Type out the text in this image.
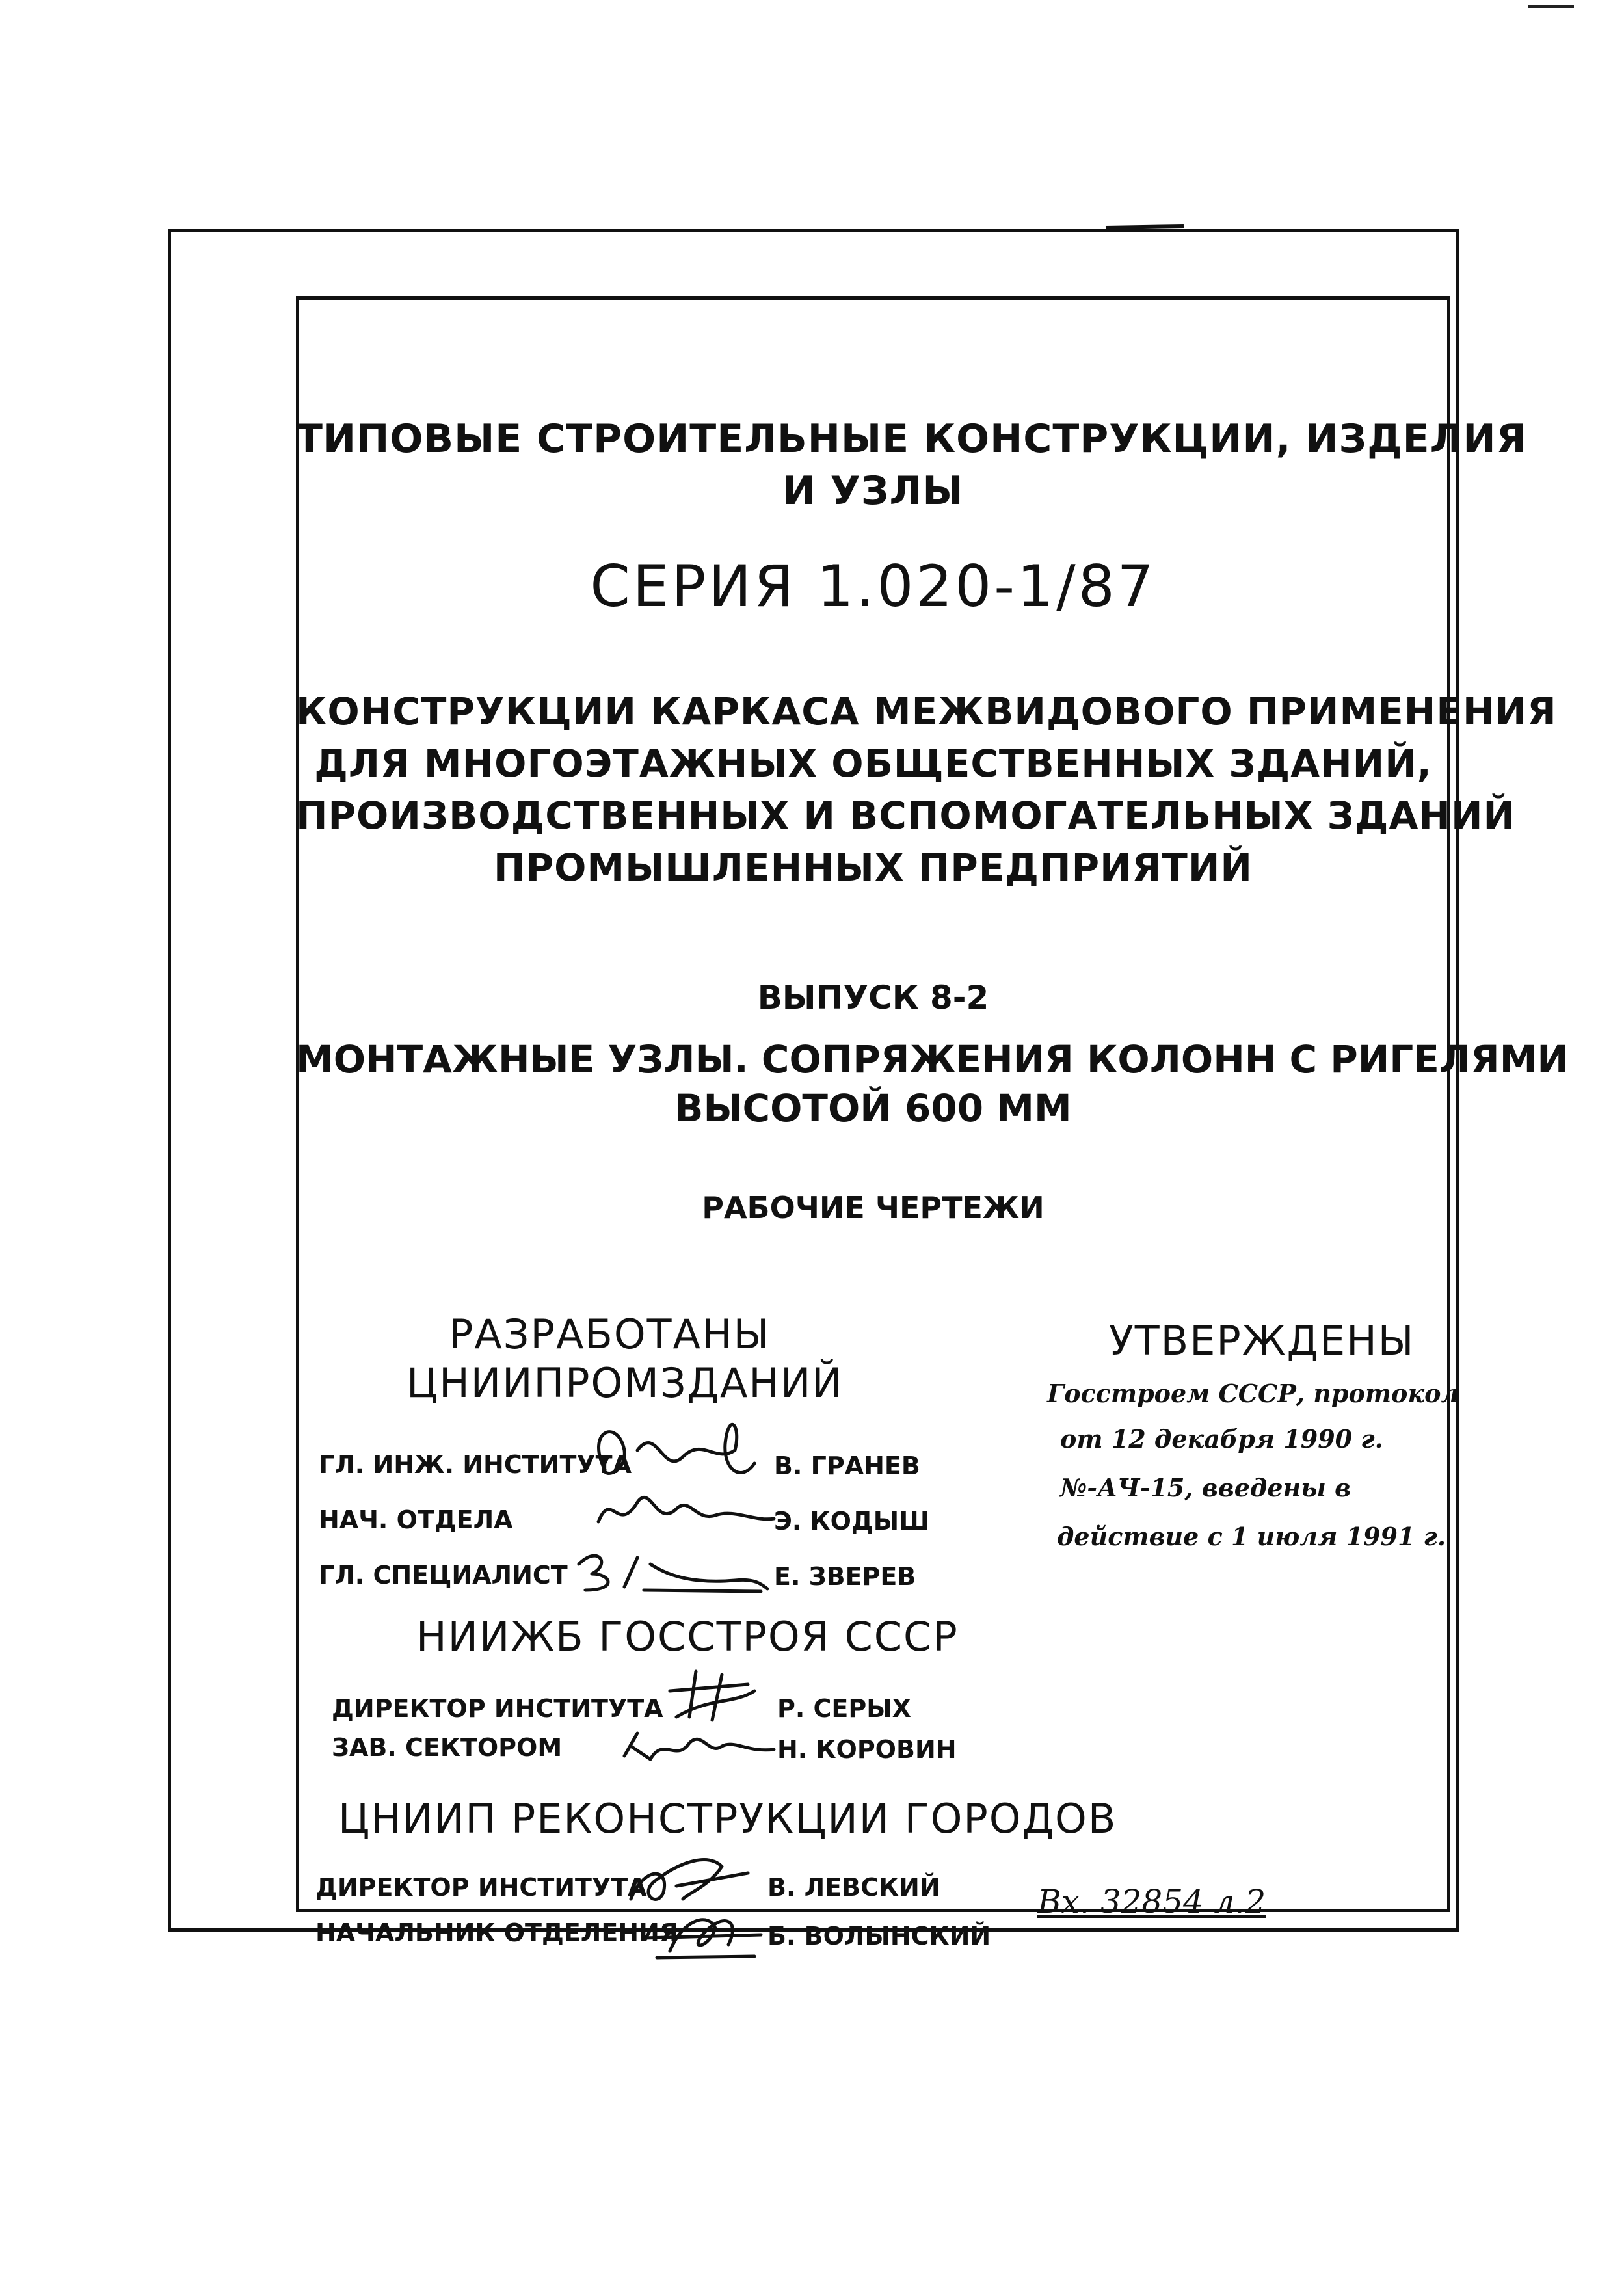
ТИПОВЫЕ СТРОИТЕЛЬНЫЕ КОНСТРУКЦИИ, ИЗДЕЛИЯ
И УЗЛЫ
СЕРИЯ 1.020-1/87
КОНСТРУКЦИИ КАРКАСА МЕЖВИДОВОГО ПРИМЕНЕНИЯ
ДЛЯ МНОГОЭТАЖНЫХ ОБЩЕСТВЕННЫХ ЗДАНИЙ,
ПРОИЗВОДСТВЕННЫХ И ВСПОМОГАТЕЛЬНЫХ ЗДАНИЙ
ПРОМЫШЛЕННЫХ ПРЕДПРИЯТИЙ
ВЫПУСК 8-2
МОНТАЖНЫЕ УЗЛЫ. СОПРЯЖЕНИЯ КОЛОНН С РИГЕЛЯМИ
ВЫСОТОЙ 600 ММ
РАБОЧИЕ ЧЕРТЕЖИ
РАЗРАБОТАНЫ
ЦНИИПРОМЗДАНИЙ
ГЛ. ИНЖ. ИНСТИТУТА	В. ГРАНЕВ
НАЧ. ОТДЕЛА	Э. КОДЫШ
ГЛ. СПЕЦИАЛИСТ	Е. ЗВЕРЕВ
НИИЖБ ГОССТРОЯ СССР
ДИРЕКТОР ИНСТИТУТА	Р. СЕРЫХ
ЗАВ. СЕКТОРОМ	Н. КОРОВИН
ЦНИИП РЕКОНСТРУКЦИИ ГОРОДОВ
ДИРЕКТОР ИНСТИТУТА	В. ЛЕВСКИЙ
НАЧАЛЬНИК ОТДЕЛЕНИЯ	Б. ВОЛЫНСКИЙ
УТВЕРЖДЕНЫ
Госстроем СССР, протокол
от 12 декабря 1990 г.
№-АЧ-15, введены в
действие с 1 июля 1991 г.
Вх. 32854 л.2
